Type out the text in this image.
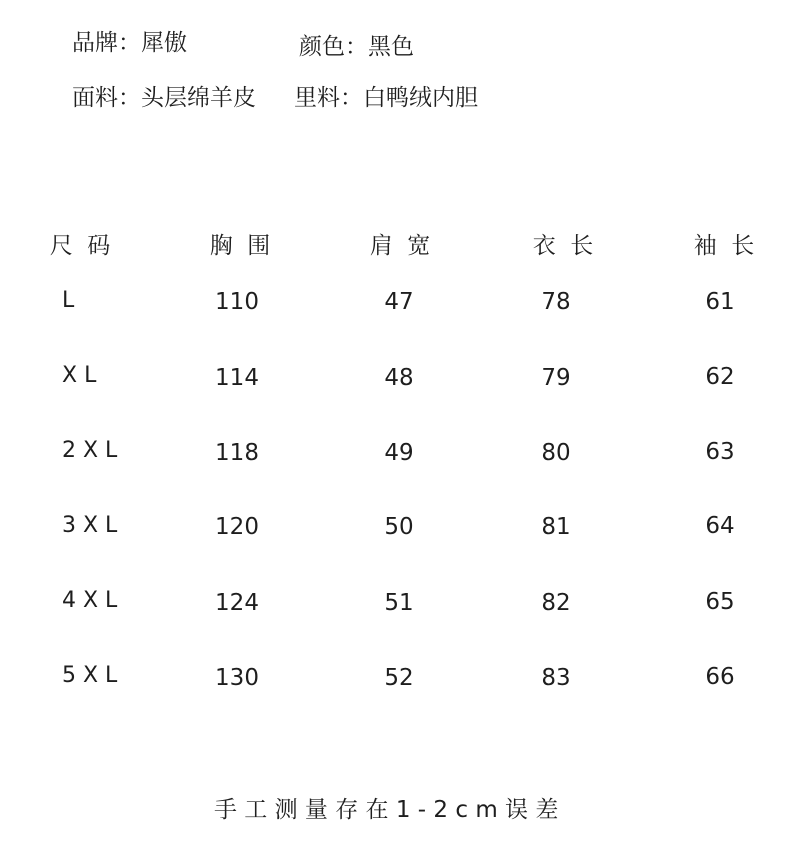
品牌：犀傲	颜色：黑色
面料：头层绵羊皮 里料：白鸭绒内胆
尺  码	胸  围	肩  宽	衣  长	袖  长
L	110	47	78	61
X L	114	48	79	62
2 X L	118	49	80	63
3 X L	120	50	81	64
4 X L	124	51	82	65
5 X L	130	52	83	66
手 工 测 量 存 在 1 - 2 c m 误 差
